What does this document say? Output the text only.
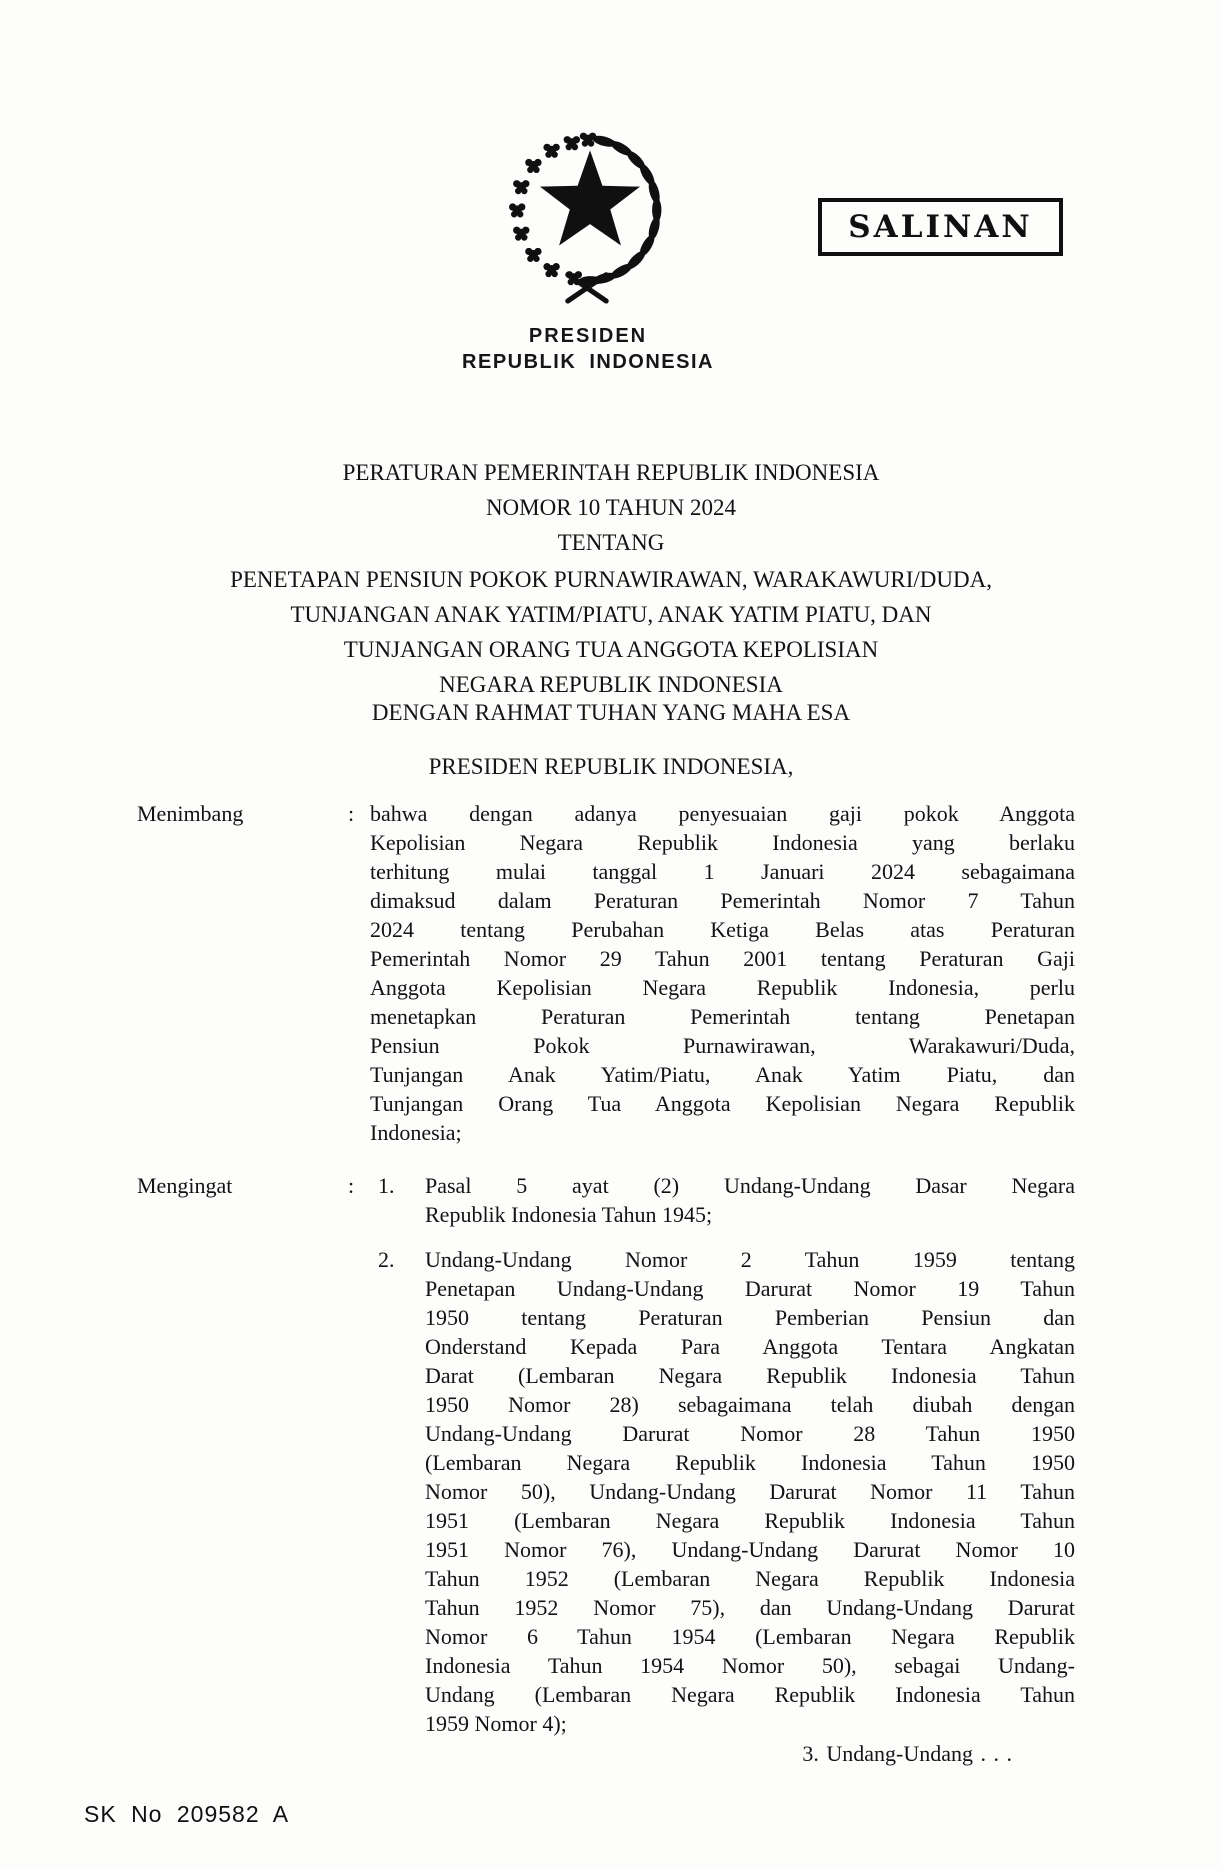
SALINAN
PRESIDEN
REPUBLIK INDONESIA
PERATURAN PEMERINTAH REPUBLIK INDONESIA
NOMOR 10 TAHUN 2024
TENTANG
PENETAPAN PENSIUN POKOK PURNAWIRAWAN, WARAKAWURI/DUDA,
TUNJANGAN ANAK YATIM/PIATU, ANAK YATIM PIATU, DAN
TUNJANGAN ORANG TUA ANGGOTA KEPOLISIAN
NEGARA REPUBLIK INDONESIA
DENGAN RAHMAT TUHAN YANG MAHA ESA
PRESIDEN REPUBLIK INDONESIA,
Menimbang	: bahwa dengan adanya penyesuaian gaji pokok Anggota
Kepolisian Negara Republik Indonesia yang berlaku
terhitung mulai tanggal 1 Januari 2024 sebagaimana
dimaksud dalam Peraturan Pemerintah Nomor 7 Tahun
2024 tentang Perubahan Ketiga Belas atas Peraturan
Pemerintah Nomor 29 Tahun 2001 tentang Peraturan Gaji
Anggota Kepolisian Negara Republik Indonesia, perlu
menetapkan Peraturan Pemerintah tentang Penetapan
Pensiun Pokok Purnawirawan, Warakawuri/Duda,
Tunjangan Anak Yatim/Piatu, Anak Yatim Piatu, dan
Tunjangan Orang Tua Anggota Kepolisian Negara Republik
Indonesia;
Mengingat	:	1.	Pasal 5 ayat (2) Undang-Undang Dasar Negara
Republik Indonesia Tahun 1945;
2.	Undang-Undang Nomor 2 Tahun 1959 tentang
Penetapan Undang-Undang Darurat Nomor 19 Tahun
1950 tentang Peraturan Pemberian Pensiun dan
Onderstand Kepada Para Anggota Tentara Angkatan
Darat (Lembaran Negara Republik Indonesia Tahun
1950 Nomor 28) sebagaimana telah diubah dengan
Undang-Undang Darurat Nomor 28 Tahun 1950
(Lembaran Negara Republik Indonesia Tahun 1950
Nomor 50), Undang-Undang Darurat Nomor 11 Tahun
1951 (Lembaran Negara Republik Indonesia Tahun
1951 Nomor 76), Undang-Undang Darurat Nomor 10
Tahun 1952 (Lembaran Negara Republik Indonesia
Tahun 1952 Nomor 75), dan Undang-Undang Darurat
Nomor 6 Tahun 1954 (Lembaran Negara Republik
Indonesia Tahun 1954 Nomor 50), sebagai Undang-
Undang (Lembaran Negara Republik Indonesia Tahun
1959 Nomor 4);
3. Undang-Undang . . .
SK No 209582 A
